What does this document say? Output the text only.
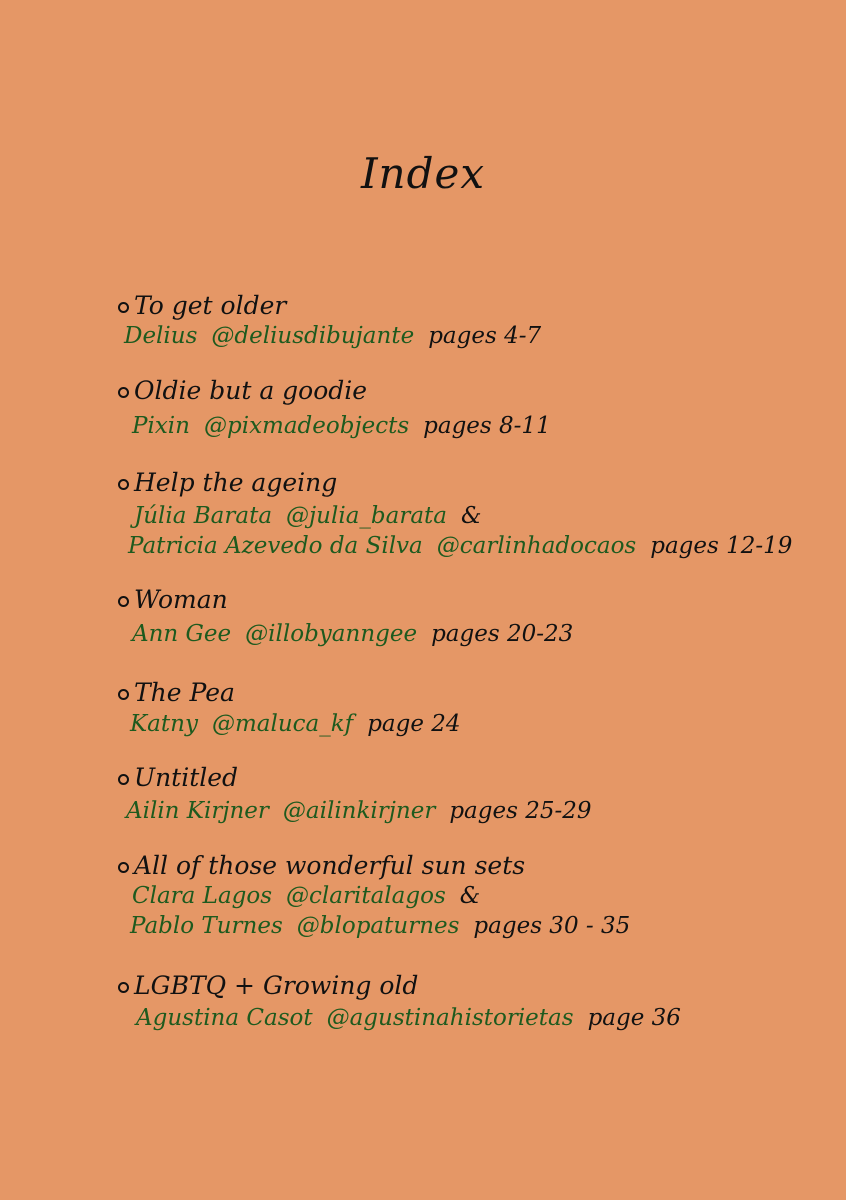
Index
To get older
Delius @deliusdibujante pages 4-7
Oldie but a goodie
Pixin @pixmadeobjects pages 8-11
Help the ageing
Júlia Barata @julia_barata &
Patricia Azevedo da Silva @carlinhadocaos pages 12-19
Woman
Ann Gee @illobyanngee pages 20-23
The Pea
Katny @maluca_kf page 24
Untitled
Ailin Kirjner @ailinkirjner pages 25-29
All of those wonderful sun sets
Clara Lagos @claritalagos &
Pablo Turnes @blopaturnes pages 30 - 35
LGBTQ + Growing old
Agustina Casot @agustinahistorietas page 36
